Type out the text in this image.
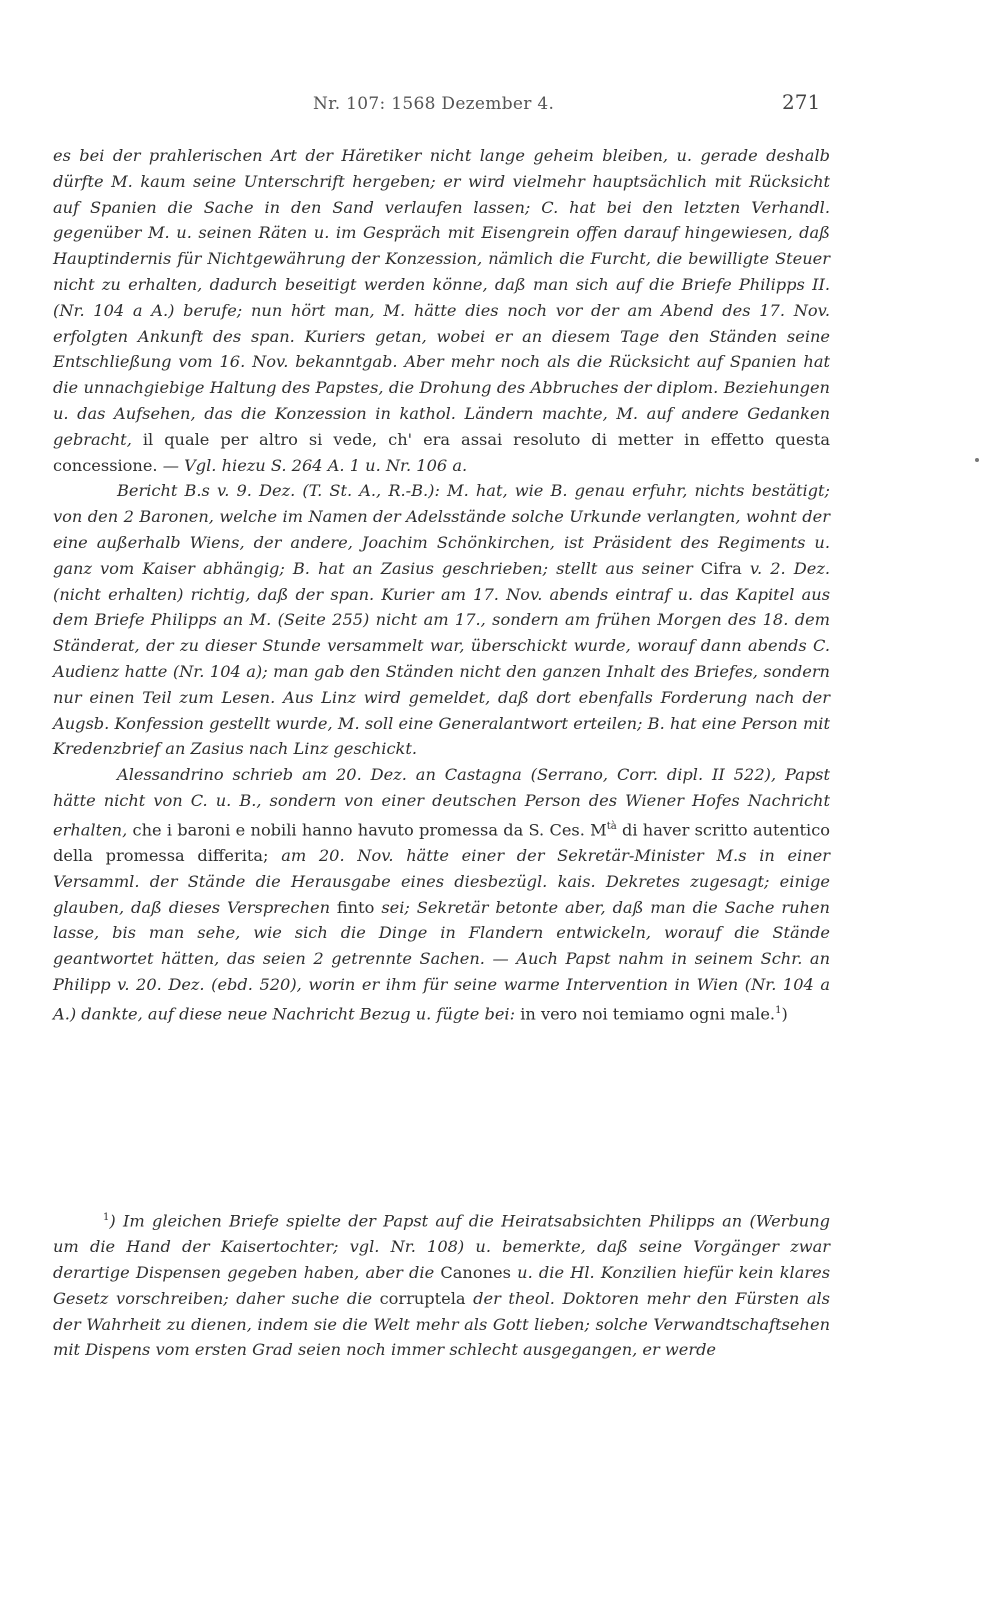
Nr. 107: 1568 Dezember 4.	271

es bei der prahlerischen Art der Häretiker nicht lange geheim bleiben, u. gerade deshalb dürfte M. kaum seine Unterschrift hergeben; er wird vielmehr hauptsächlich mit Rücksicht auf Spanien die Sache in den Sand verlaufen lassen; C. hat bei den letzten Verhandl. gegenüber M. u. seinen Räten u. im Gespräch mit Eisengrein offen darauf hingewiesen, daß Hauptindernis für Nichtgewährung der Konzession, nämlich die Furcht, die bewilligte Steuer nicht zu erhalten, dadurch beseitigt werden könne, daß man sich auf die Briefe Philipps II. (Nr. 104 a A.) berufe; nun hört man, M. hätte dies noch vor der am Abend des 17. Nov. erfolgten Ankunft des span. Kuriers getan, wobei er an diesem Tage den Ständen seine Entschließung vom 16. Nov. bekanntgab. Aber mehr noch als die Rücksicht auf Spanien hat die unnachgiebige Haltung des Papstes, die Drohung des Abbruches der diplom. Beziehungen u. das Aufsehen, das die Konzession in kathol. Ländern machte, M. auf andere Gedanken gebracht, il quale per altro si vede, ch' era assai resoluto di metter in effetto questa concessione. — Vgl. hiezu S. 264 A. 1 u. Nr. 106 a.

Bericht B.s v. 9. Dez. (T. St. A., R.-B.): M. hat, wie B. genau erfuhr, nichts bestätigt; von den 2 Baronen, welche im Namen der Adelsstände solche Urkunde verlangten, wohnt der eine außerhalb Wiens, der andere, Joachim Schönkirchen, ist Präsident des Regiments u. ganz vom Kaiser abhängig; B. hat an Zasius geschrieben; stellt aus seiner Cifra v. 2. Dez. (nicht erhalten) richtig, daß der span. Kurier am 17. Nov. abends eintraf u. das Kapitel aus dem Briefe Philipps an M. (Seite 255) nicht am 17., sondern am frühen Morgen des 18. dem Ständerat, der zu dieser Stunde versammelt war, überschickt wurde, worauf dann abends C. Audienz hatte (Nr. 104 a); man gab den Ständen nicht den ganzen Inhalt des Briefes, sondern nur einen Teil zum Lesen. Aus Linz wird gemeldet, daß dort ebenfalls Forderung nach der Augsb. Konfession gestellt wurde, M. soll eine Generalantwort erteilen; B. hat eine Person mit Kredenzbrief an Zasius nach Linz geschickt.

Alessandrino schrieb am 20. Dez. an Castagna (Serrano, Corr. dipl. II 522), Papst hätte nicht von C. u. B., sondern von einer deutschen Person des Wiener Hofes Nachricht erhalten, che i baroni e nobili hanno havuto promessa da S. Ces. $M^{tà}$ di haver scritto autentico della promessa differita; am 20. Nov. hätte einer der Sekretär-Minister M.s in einer Versamml. der Stände die Herausgabe eines diesbezügl. kais. Dekretes zugesagt; einige glauben, daß dieses Versprechen finto sei; Sekretär betonte aber, daß man die Sache ruhen lasse, bis man sehe, wie sich die Dinge in Flandern entwickeln, worauf die Stände geantwortet hätten, das seien 2 getrennte Sachen. — Auch Papst nahm in seinem Schr. an Philipp v. 20. Dez. (ebd. 520), worin er ihm für seine warme Intervention in Wien (Nr. 104 a A.) dankte, auf diese neue Nachricht Bezug u. fügte bei: in vero noi temiamo ogni male.$^1$)

$^1$) Im gleichen Briefe spielte der Papst auf die Heiratsabsichten Philipps an (Werbung um die Hand der Kaisertochter; vgl. Nr. 108) u. bemerkte, daß seine Vorgänger zwar derartige Dispensen gegeben haben, aber die Canones u. die Hl. Konzilien hiefür kein klares Gesetz vorschreiben; daher suche die corruptela der theol. Doktoren mehr den Fürsten als der Wahrheit zu dienen, indem sie die Welt mehr als Gott lieben; solche Verwandtschaftsehen mit Dispens vom ersten Grad seien noch immer schlecht ausgegangen, er werde
